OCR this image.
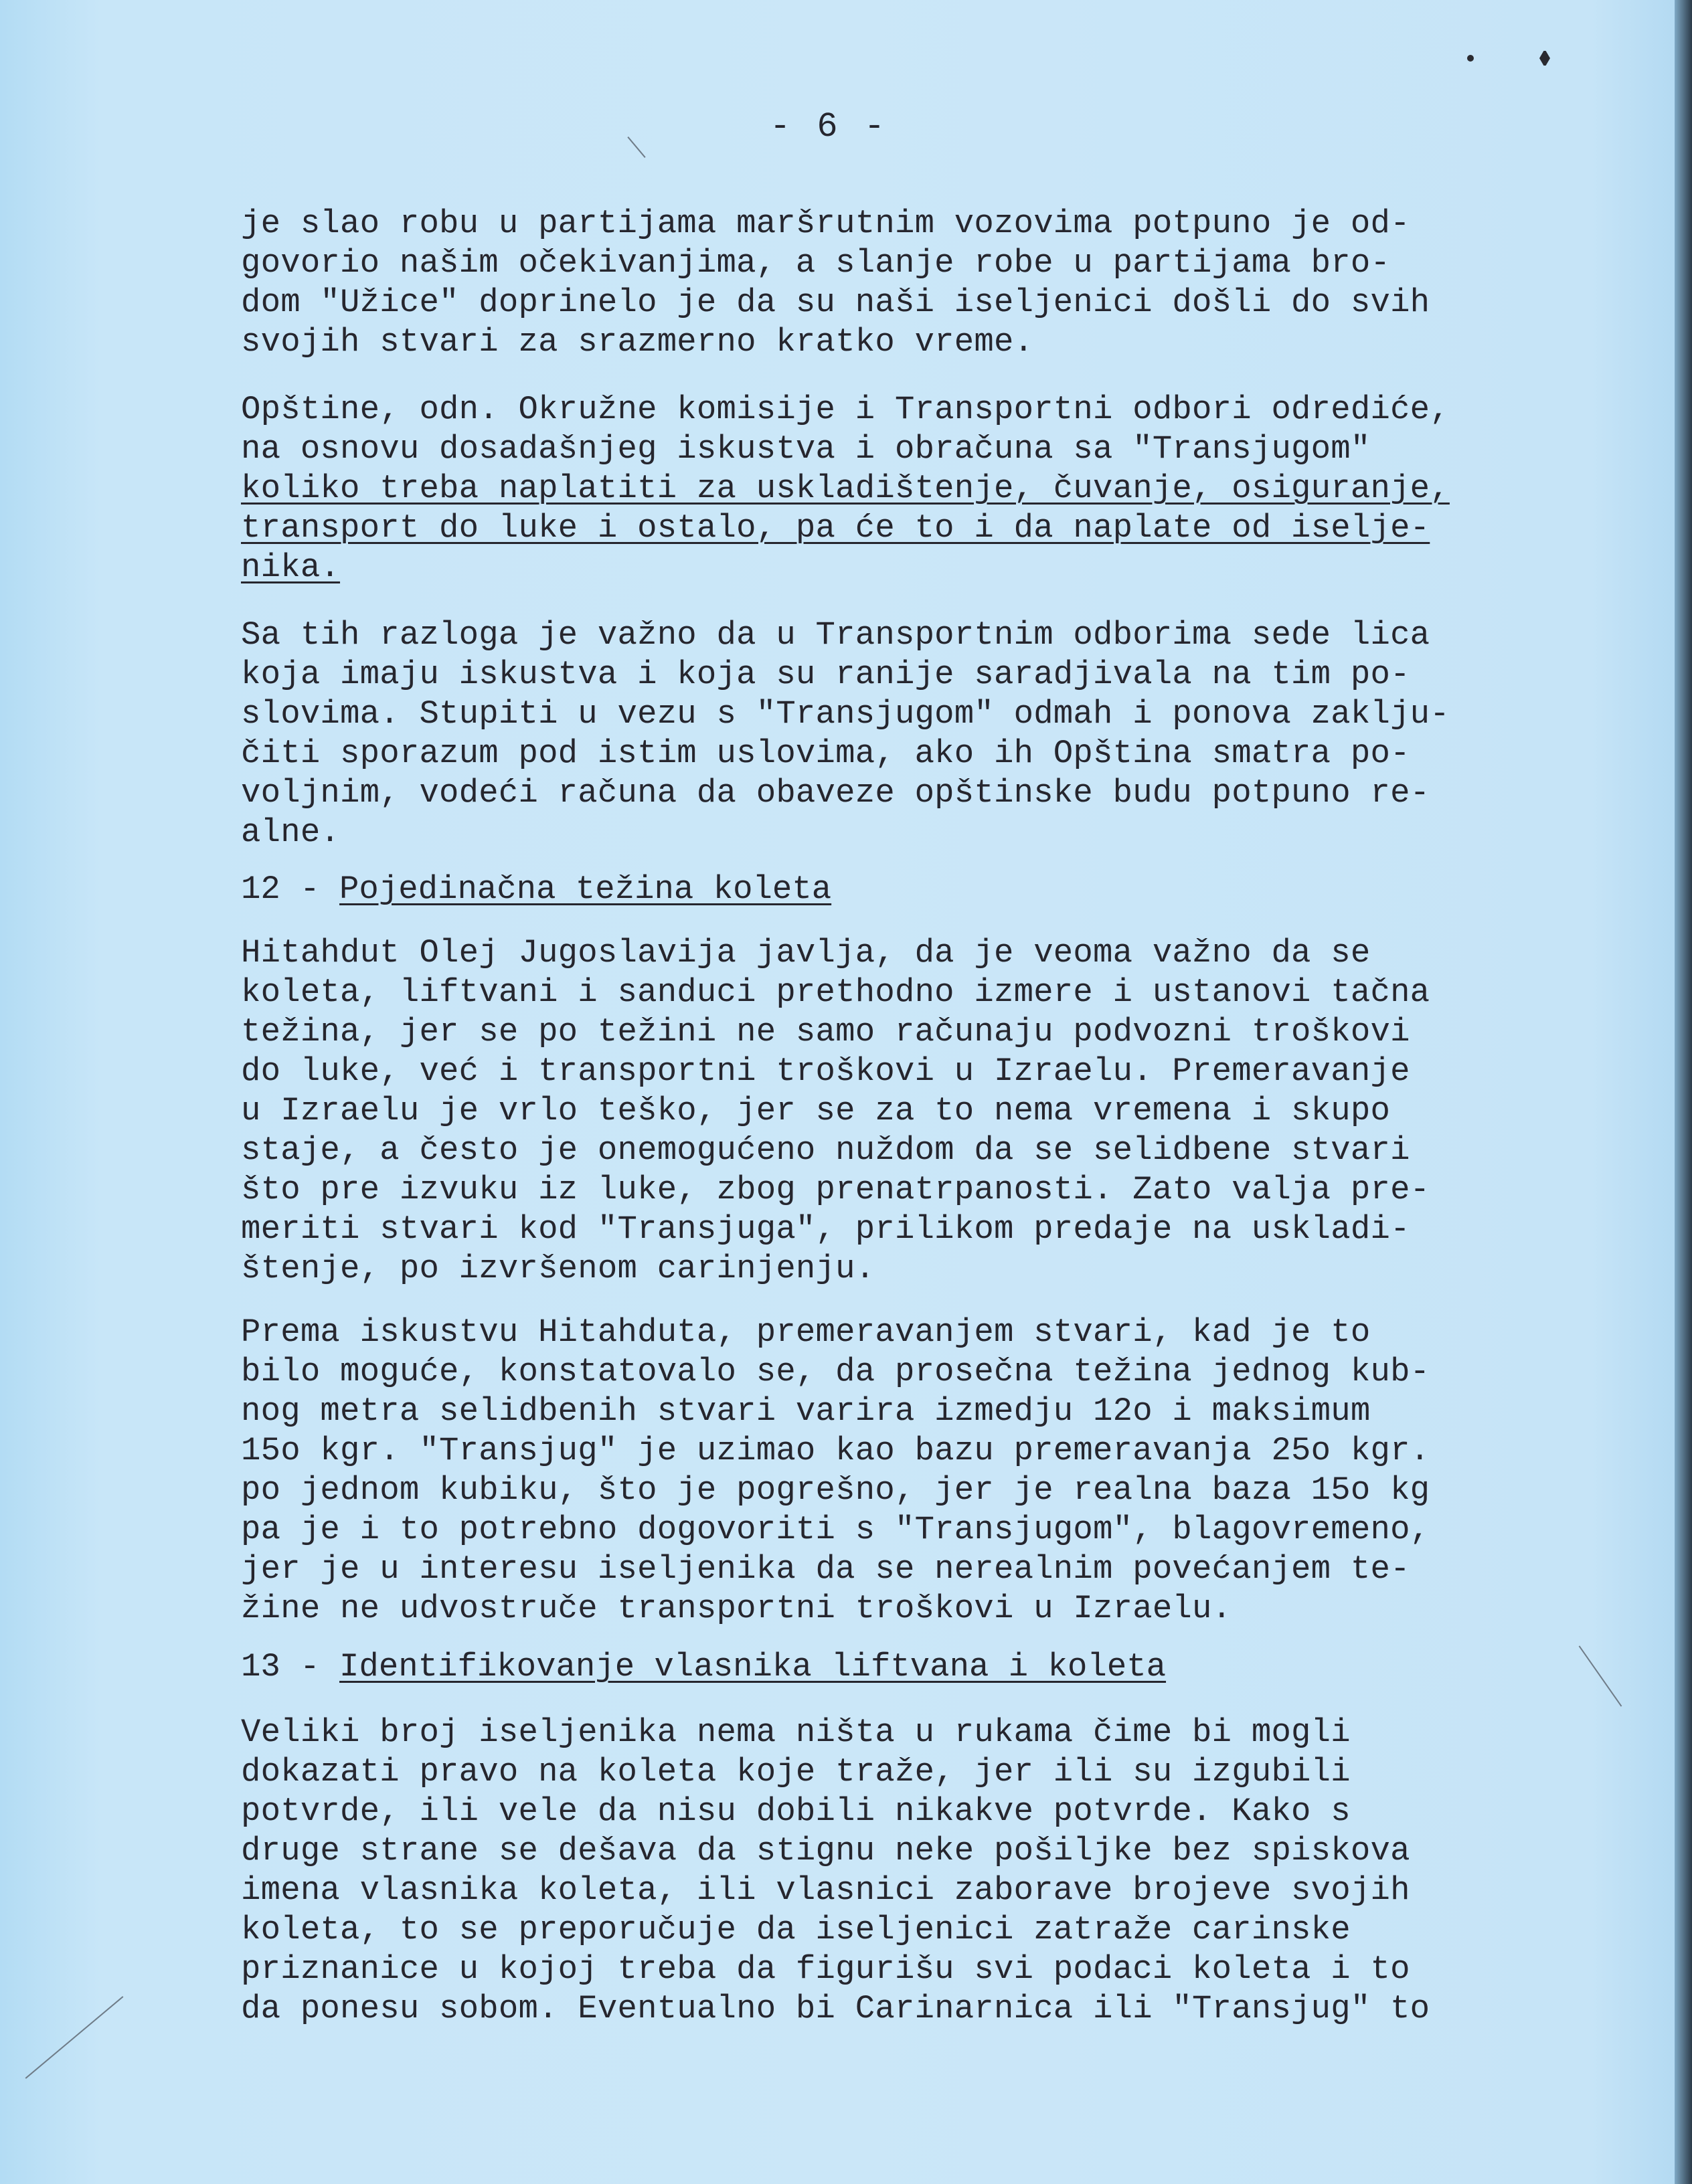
- 6 -
je slao robu u partijama maršrutnim vozovima potpuno je od-
govorio našim očekivanjima, a slanje robe u partijama bro-
dom "Užice" doprinelo je da su naši iseljenici došli do svih
svojih stvari za srazmerno kratko vreme.
Opštine, odn. Okružne komisije i Transportni odbori odrediće,
na osnovu dosadašnjeg iskustva i obračuna sa "Transjugom"
koliko treba naplatiti za uskladištenje, čuvanje, osiguranje,
transport do luke i ostalo, pa će to i da naplate od iselje-
nika.
Sa tih razloga je važno da u Transportnim odborima sede lica
koja imaju iskustva i koja su ranije saradjivala na tim po-
slovima. Stupiti u vezu s "Transjugom" odmah i ponova zaklju-
čiti sporazum pod istim uslovima, ako ih Opština smatra po-
voljnim, vodeći računa da obaveze opštinske budu potpuno re-
alne.
12 - Pojedinačna težina koleta
Hitahdut Olej Jugoslavija javlja, da je veoma važno da se
koleta, liftvani i sanduci prethodno izmere i ustanovi tačna
težina, jer se po težini ne samo računaju podvozni troškovi
do luke, već i transportni troškovi u Izraelu. Premeravanje
u Izraelu je vrlo teško, jer se za to nema vremena i skupo
staje, a često je onemogućeno nuždom da se selidbene stvari
što pre izvuku iz luke, zbog prenatrpanosti. Zato valja pre-
meriti stvari kod "Transjuga", prilikom predaje na uskladi-
štenje, po izvršenom carinjenju.
Prema iskustvu Hitahduta, premeravanjem stvari, kad je to
bilo moguće, konstatovalo se, da prosečna težina jednog kub-
nog metra selidbenih stvari varira izmedju 12o i maksimum
15o kgr. "Transjug" je uzimao kao bazu premeravanja 25o kgr.
po jednom kubiku, što je pogrešno, jer je realna baza 15o kg
pa je i to potrebno dogovoriti s "Transjugom", blagovremeno,
jer je u interesu iseljenika da se nerealnim povećanjem te-
žine ne udvostruče transportni troškovi u Izraelu.
13 - Identifikovanje vlasnika liftvana i koleta
Veliki broj iseljenika nema ništa u rukama čime bi mogli
dokazati pravo na koleta koje traže, jer ili su izgubili
potvrde, ili vele da nisu dobili nikakve potvrde. Kako s
druge strane se dešava da stignu neke pošiljke bez spiskova
imena vlasnika koleta, ili vlasnici zaborave brojeve svojih
koleta, to se preporučuje da iseljenici zatraže carinske
priznanice u kojoj treba da figurišu svi podaci koleta i to
da ponesu sobom. Eventualno bi Carinarnica ili "Transjug" to
